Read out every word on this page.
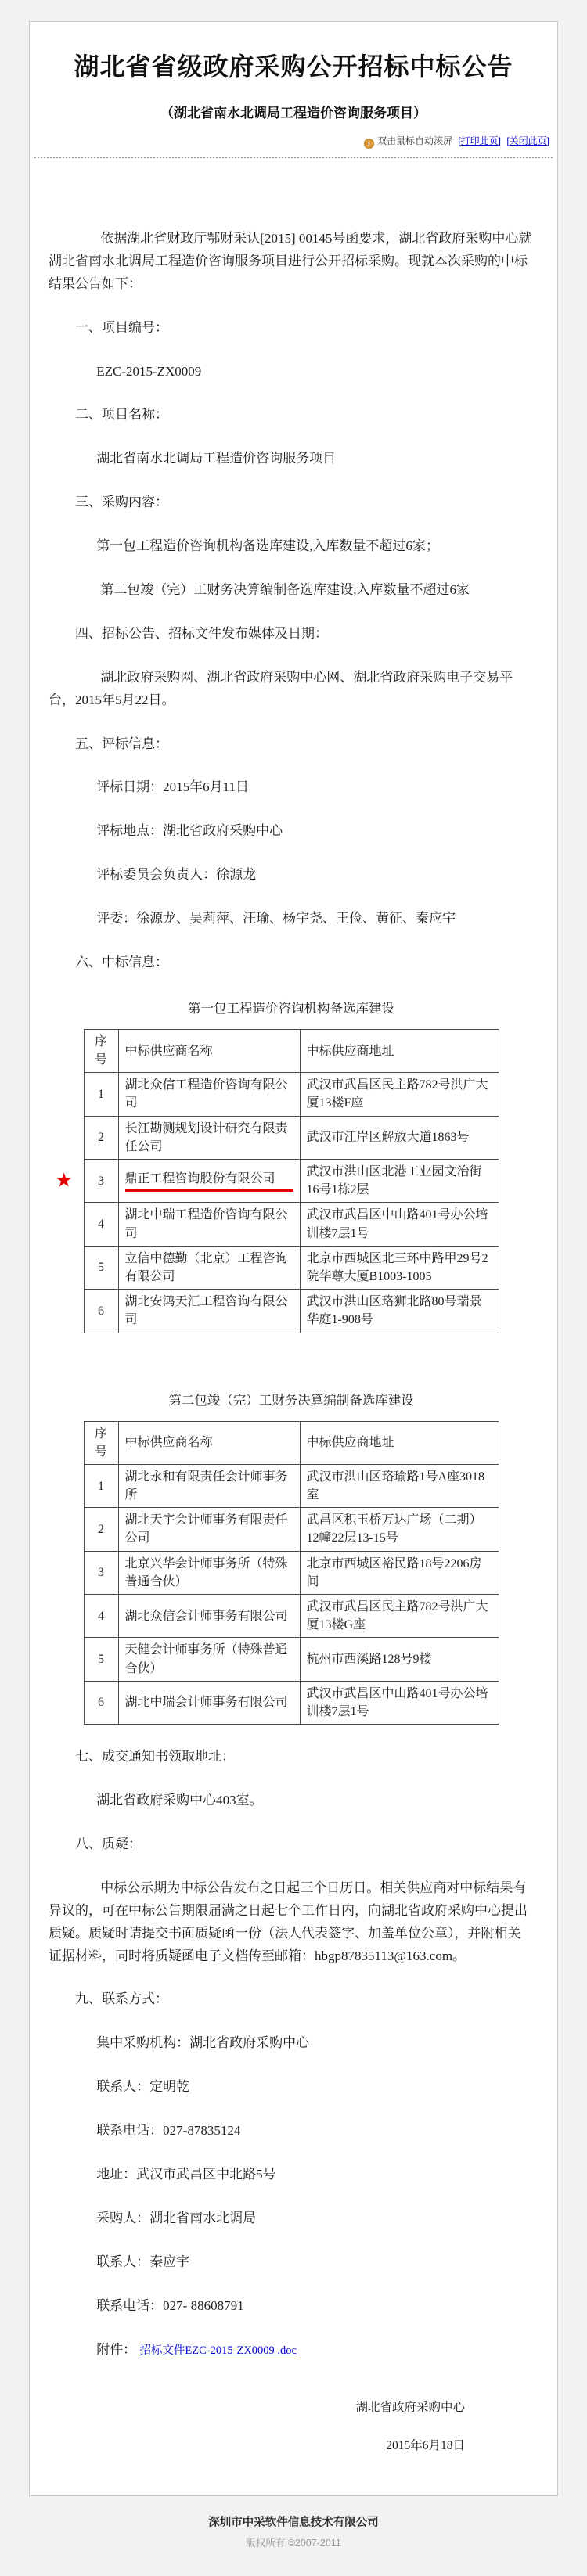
湖北省省级政府采购公开招标中标公告
（湖北省南水北调局工程造价咨询服务项目）
i 双击鼠标自动滚屏 [打印此页] [关闭此页]

依据湖北省财政厅鄂财采认[2015] 00145号函要求，湖北省政府采购中心就湖北省南水北调局工程造价咨询服务项目进行公开招标采购。现就本次采购的中标结果公告如下：

一、项目编号：

EZC-2015-ZX0009

二、项目名称：

湖北省南水北调局工程造价咨询服务项目

三、采购内容：

第一包工程造价咨询机构备选库建设,入库数量不超过6家；

第二包竣（完）工财务决算编制备选库建设,入库数量不超过6家

四、招标公告、招标文件发布媒体及日期：

湖北政府采购网、湖北省政府采购中心网、湖北省政府采购电子交易平台，2015年5月22日。

五、评标信息：

评标日期：2015年6月11日

评标地点：湖北省政府采购中心

评标委员会负责人：徐源龙

评委：徐源龙、吴莉萍、汪瑜、杨宇尧、王俭、黄征、秦应宇

六、中标信息：

第一包工程造价咨询机构备选库建设

序号	中标供应商名称	中标供应商地址
1	湖北众信工程造价咨询有限公司	武汉市武昌区民主路782号洪广大厦13楼F座
2	长江勘测规划设计研究有限责任公司	武汉市江岸区解放大道1863号

★ 3	鼎正工程咨询股份有限公司	武汉市洪山区北港工业园文治街16号1栋2层
4	湖北中瑞工程造价咨询有限公司	武汉市武昌区中山路401号办公培训楼7层1号
5	立信中德勤（北京）工程咨询有限公司	北京市西城区北三环中路甲29号2院华尊大厦B1003-1005
6	湖北安鸿天汇工程咨询有限公司	武汉市洪山区珞狮北路80号瑞景华庭1-908号

第二包竣（完）工财务决算编制备选库建设

序号	中标供应商名称	中标供应商地址
1	湖北永和有限责任会计师事务所	武汉市洪山区珞瑜路1号A座3018室
2	湖北天宇会计师事务有限责任公司	武昌区积玉桥万达广场（二期）12幢22层13-15号
3	北京兴华会计师事务所（特殊普通合伙）	北京市西城区裕民路18号2206房间
4	湖北众信会计师事务有限公司	武汉市武昌区民主路782号洪广大厦13楼G座
5	天健会计师事务所（特殊普通合伙）	杭州市西溪路128号9楼
6	湖北中瑞会计师事务有限公司	武汉市武昌区中山路401号办公培训楼7层1号

七、成交通知书领取地址：

湖北省政府采购中心403室。

八、质疑：

中标公示期为中标公告发布之日起三个日历日。相关供应商对中标结果有异议的，可在中标公告期限届满之日起七个工作日内，向湖北省政府采购中心提出质疑。质疑时请提交书面质疑函一份（法人代表签字、加盖单位公章），并附相关证据材料，同时将质疑函电子文档传至邮箱：hbgp87835113@163.com。

九、联系方式：

集中采购机构：湖北省政府采购中心

联系人：定明乾

联系电话：027-87835124

地址：武汉市武昌区中北路5号

采购人：湖北省南水北调局

联系人：秦应宇

联系电话：027- 88608791

附件： 招标文件EZC-2015-ZX0009 .doc

湖北省政府采购中心

2015年6月18日

深圳市中采软件信息技术有限公司

版权所有 ©2007-2011
